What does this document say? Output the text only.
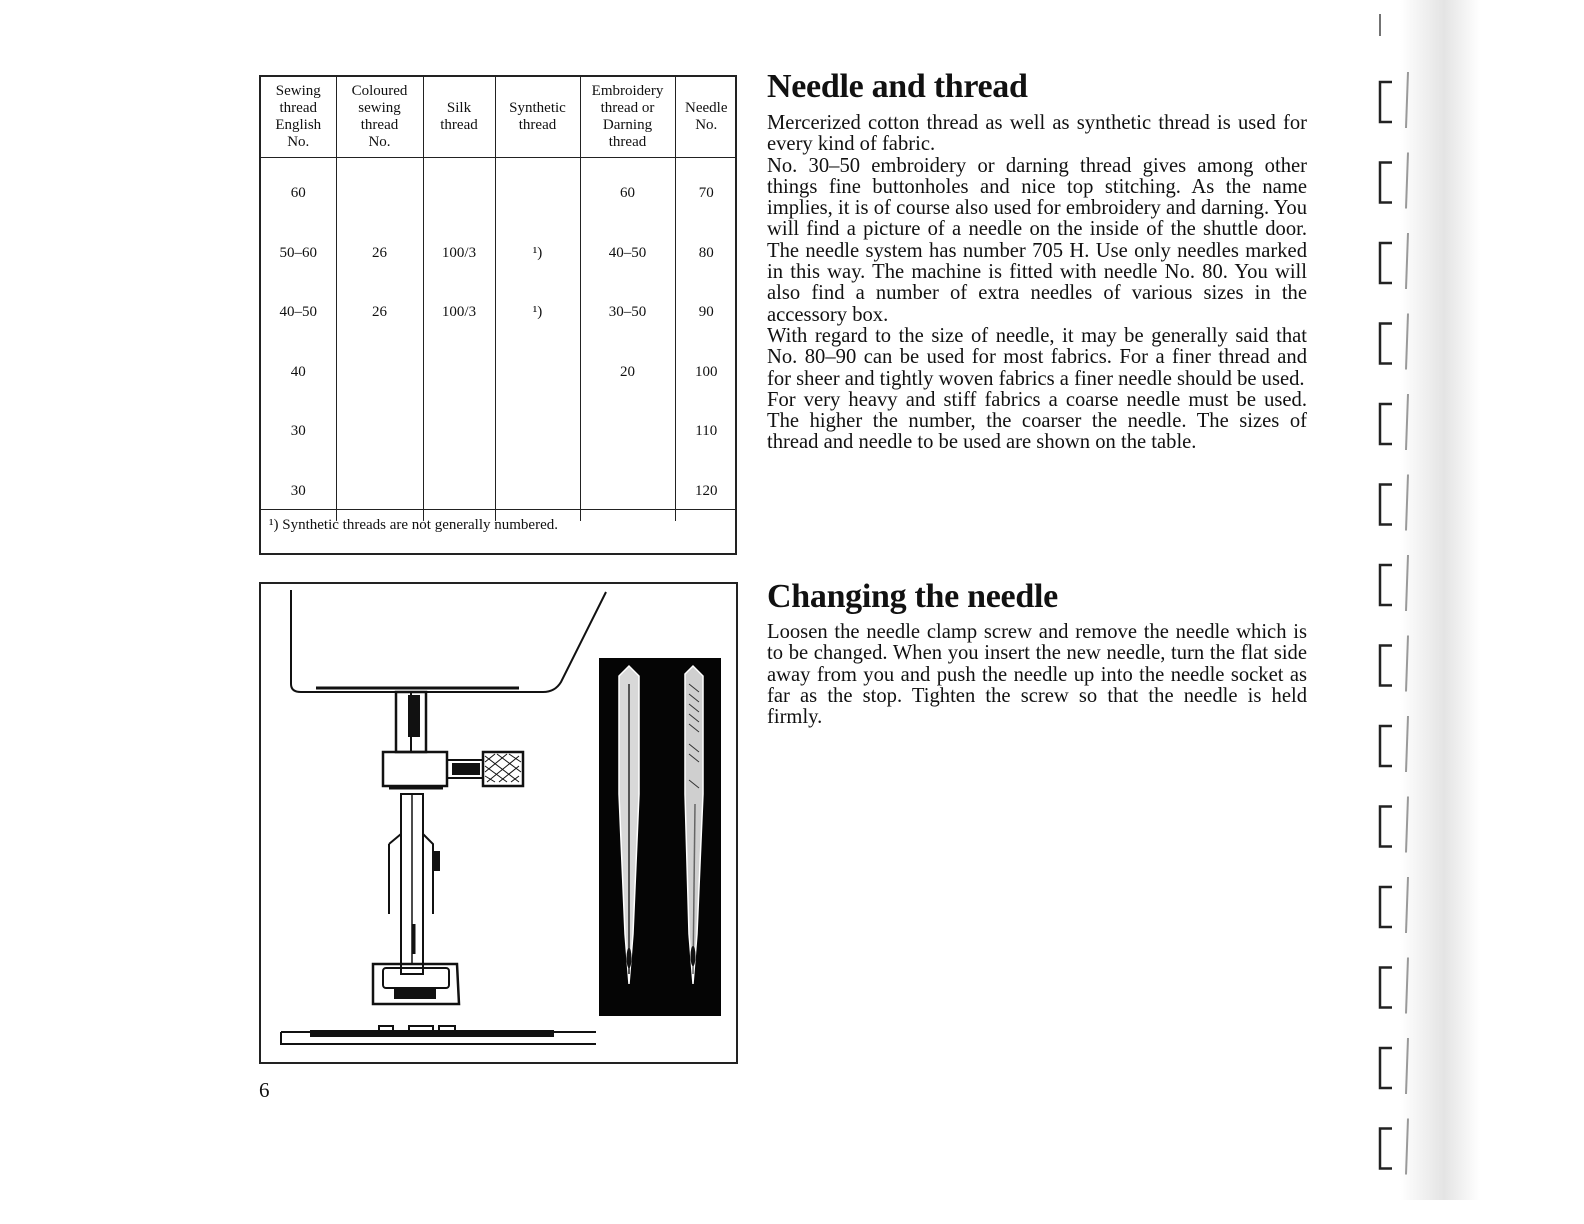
Sewing
thread
English
No.	Coloured
sewing
thread
No.	Silk
thread	Synthetic
thread	Embroidery
thread or
Darning
thread	Needle
No.
60				60	70
50–60	26	100/3	¹)	40–50	80
40–50	26	100/3	¹)	30–50	90
40				20	100
30					110
30					120
¹) Synthetic threads are not generally numbered.
Needle and thread

Mercerized cotton thread as well as synthetic thread is used for every kind of fabric.

No. 30–50 embroidery or darning thread gives among other things fine buttonholes and nice top stitching. As the name implies, it is of course also used for embroidery and darning. You will find a picture of a needle on the inside of the shuttle door. The needle system has number 705 H. Use only needles marked in this way. The machine is fitted with needle No. 80. You will also find a number of extra needles of various sizes in the accessory box.

With regard to the size of needle, it may be generally said that No. 80–90 can be used for most fabrics. For a finer thread and for sheer and tightly woven fabrics a finer needle should be used.

For very heavy and stiff fabrics a coarse needle must be used. The higher the number, the coarser the needle. The sizes of thread and needle to be used are shown on the table.

Changing the needle

Loosen the needle clamp screw and remove the needle which is to be changed. When you insert the new needle, turn the flat side away from you and push the needle up into the needle socket as far as the stop. Tighten the screw so that the needle is held firmly.

6
